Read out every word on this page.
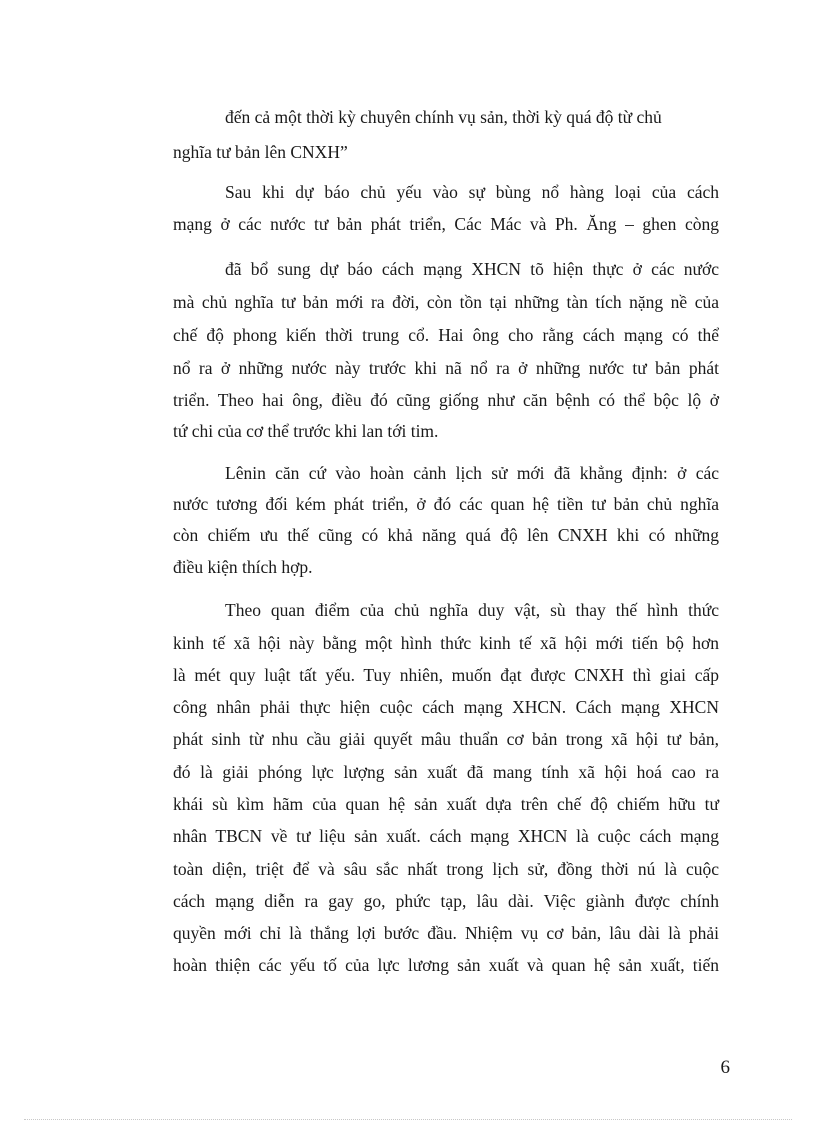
đến cả một thời kỳ chuyên chính vụ sản, thời kỳ quá độ từ chủ
nghĩa tư bản lên CNXH”
Sau khi dự báo chủ yếu vào sự bùng nổ hàng loại của cách
mạng ở các nước tư bản phát triển, Các Mác và Ph. Ăng – ghen còng
đã bổ sung dự báo cách mạng XHCN tõ hiện thực ở các nước
mà chủ nghĩa tư bản mới ra đời, còn tồn tại những tàn tích nặng nề của
chế độ phong kiến thời trung cổ. Hai ông cho rằng cách mạng có thể
nổ ra ở những nước này trước khi nã nổ ra ở những nước tư bản phát
triển. Theo hai ông, điều đó cũng giống như căn bệnh có thể bộc lộ ở
tứ chi của cơ thể trước khi lan tới tim.
Lênin căn cứ vào hoàn cảnh lịch sử mới đã khẳng định: ở các
nước tương đối kém phát triển, ở đó các quan hệ tiền tư bản chủ nghĩa
còn chiếm ưu thế cũng có khả năng quá độ lên CNXH khi có những
điều kiện thích hợp.
Theo quan điểm của chủ nghĩa duy vật, sù thay thế hình thức
kinh tế xã hội này bằng một hình thức kinh tế xã hội mới tiến bộ hơn
là mét quy luật tất yếu. Tuy nhiên, muốn đạt được CNXH thì giai cấp
công nhân phải thực hiện cuộc cách mạng XHCN. Cách mạng XHCN
phát sinh từ nhu cầu giải quyết mâu thuẩn cơ bản trong xã hội tư bản,
đó là giải phóng lực lượng sản xuất đã mang tính xã hội hoá cao ra
khái sù kìm hãm của quan hệ sản xuất dựa trên chế độ chiếm hữu tư
nhân TBCN về tư liệu sản xuất. cách mạng XHCN là cuộc cách mạng
toàn diện, triệt để và sâu sắc nhất trong lịch sử, đồng thời nú là cuộc
cách mạng diễn ra gay go, phức tạp, lâu dài. Việc giành được chính
quyền mới chỉ là thắng lợi bước đầu. Nhiệm vụ cơ bản, lâu dài là phải
hoàn thiện các yếu tố của lực lương sản xuất và quan hệ sản xuất, tiến
6
